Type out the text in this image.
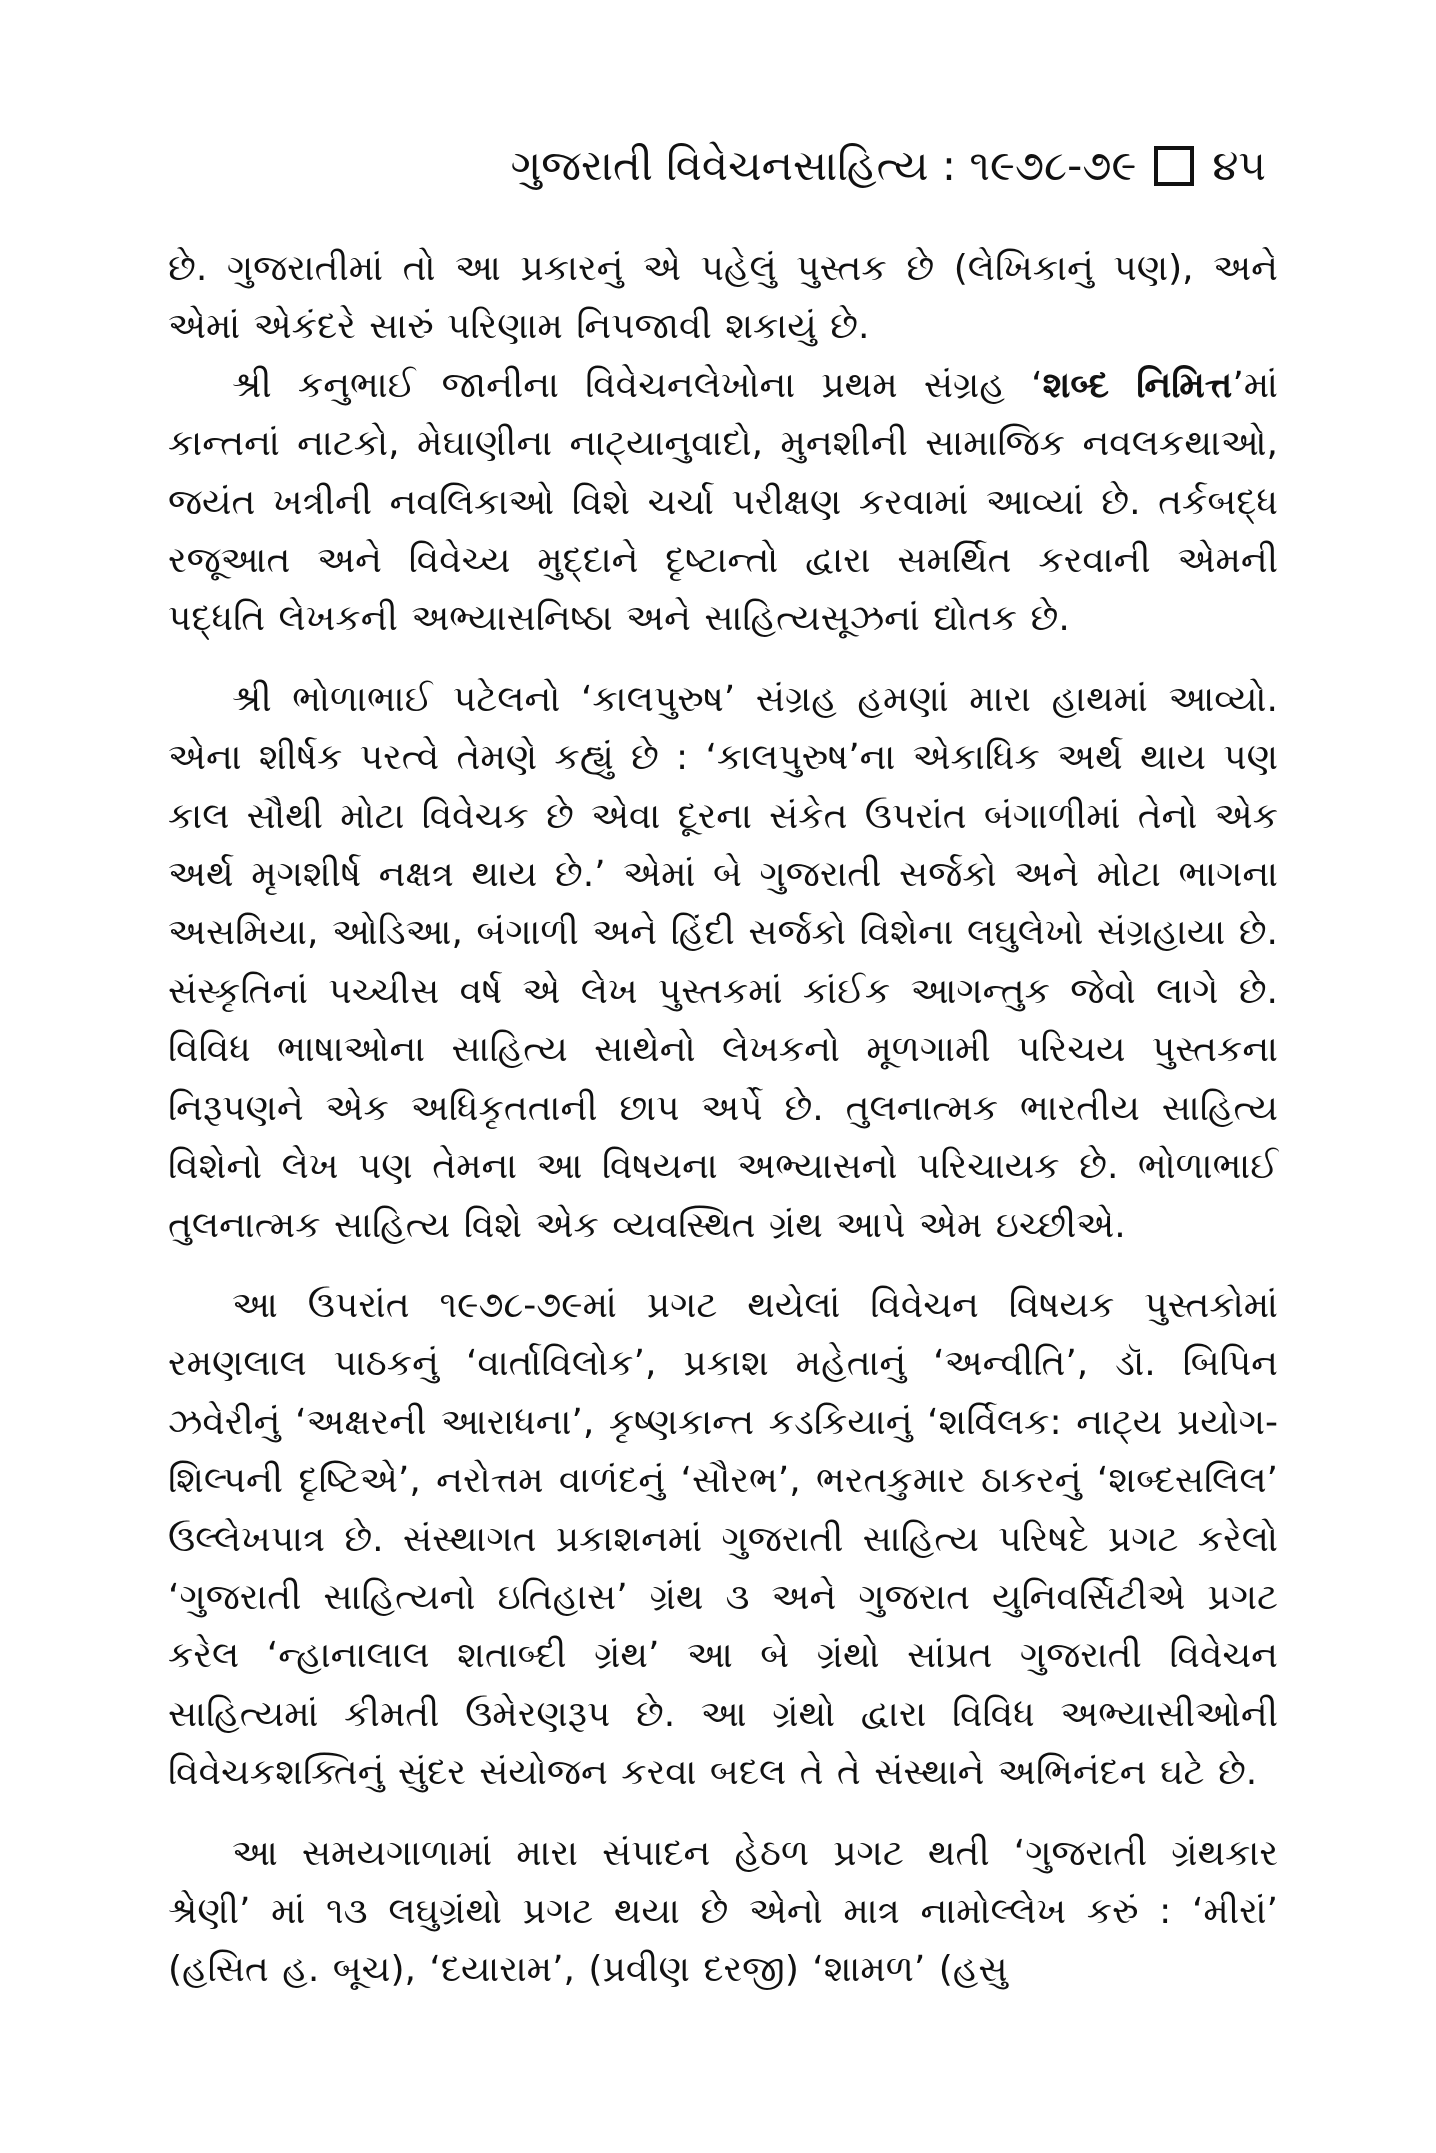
ગુજરાતી વિવેચનસાહિત્ય : ૧૯૭૮-૭૯ ૪૫

છે. ગુજરાતીમાં તો આ પ્રકારનું એ પહેલું પુસ્તક છે (લેખિકાનું પણ), અને એમાં એકંદરે સારું પરિણામ નિપજાવી શકાયું છે.

શ્રી કનુભાઈ જાનીના વિવેચનલેખોના પ્રથમ સંગ્રહ ‘શબ્દ નિમિત્ત’માં કાન્તનાં નાટકો, મેઘાણીના નાટ્યાનુવાદો, મુનશીની સામાજિક નવલકથાઓ, જયંત ખત્રીની નવલિકાઓ વિશે ચર્ચા પરીક્ષણ કરવામાં આવ્યાં છે. તર્કબદ્ધ રજૂઆત અને વિવેચ્ય મુદ્દાને દૃષ્ટાન્તો દ્વારા સમર્થિત કરવાની એમની પદ્ધતિ લેખકની અભ્યાસનિષ્ઠા અને સાહિત્યસૂઝનાં દ્યોતક છે.

શ્રી ભોળાભાઈ પટેલનો ‘કાલપુરુષ’ સંગ્રહ હમણાં મારા હાથમાં આવ્યો. એના શીર્ષક પરત્વે તેમણે કહ્યું છે : ‘કાલપુરુષ’ના એકાધિક અર્થ થાય પણ કાલ સૌથી મોટા વિવેચક છે એવા દૂરના સંકેત ઉપરાંત બંગાળીમાં તેનો એક અર્થ મૃગશીર્ષ નક્ષત્ર થાય છે.’ એમાં બે ગુજરાતી સર્જકો અને મોટા ભાગના અસમિયા, ઓડિઆ, બંગાળી અને હિંદી સર્જકો વિશેના લઘુલેખો સંગ્રહાયા છે. સંસ્કૃતિનાં પચ્ચીસ વર્ષ એ લેખ પુસ્તકમાં કાંઈક આગન્તુક જેવો લાગે છે. વિવિધ ભાષાઓના સાહિત્ય સાથેનો લેખકનો મૂળગામી પરિચય પુસ્તકના નિરૂપણને એક અધિકૃતતાની છાપ અર્પે છે. તુલનાત્મક ભારતીય સાહિત્ય વિશેનો લેખ પણ તેમના આ વિષયના અભ્યાસનો પરિચાયક છે. ભોળાભાઈ તુલનાત્મક સાહિત્ય વિશે એક વ્યવસ્થિત ગ્રંથ આપે એમ ઇચ્છીએ.

આ ઉપરાંત ૧૯૭૮-૭૯માં પ્રગટ થયેલાં વિવેચન વિષયક પુસ્તકોમાં રમણલાલ પાઠકનું ‘વાર્તાવિલોક’, પ્રકાશ મહેતાનું ‘અન્વીતિ’, ડૉ. બિપિન ઝવેરીનું ‘અક્ષરની આરાધના’, કૃષ્ણકાન્ત કડકિયાનું ‘શર્વિલક: નાટ્ય પ્રયોગ-શિલ્પની દૃષ્ટિએ’, નરોત્તમ વાળંદનું ‘સૌરભ’, ભરતકુમાર ઠાકરનું ‘શબ્દસલિલ’ ઉલ્લેખપાત્ર છે. સંસ્થાગત પ્રકાશનમાં ગુજરાતી સાહિત્ય પરિષદે પ્રગટ કરેલો ‘ગુજરાતી સાહિત્યનો ઇતિહાસ’ ગ્રંથ ૩ અને ગુજરાત યુનિવર્સિટીએ પ્રગટ કરેલ ‘ન્હાનાલાલ શતાબ્દી ગ્રંથ’ આ બે ગ્રંથો સાંપ્રત ગુજરાતી વિવેચન સાહિત્યમાં કીમતી ઉમેરણરૂપ છે. આ ગ્રંથો દ્વારા વિવિધ અભ્યાસીઓની વિવેચકશક્તિનું સુંદર સંયોજન કરવા બદલ તે તે સંસ્થાને અભિનંદન ઘટે છે.

આ સમયગાળામાં મારા સંપાદન હેઠળ પ્રગટ થતી ‘ગુજરાતી ગ્રંથકાર શ્રેણી’ માં ૧૩ લઘુગ્રંથો પ્રગટ થયા છે એનો માત્ર નામોલ્લેખ કરું : ‘મીરાં’ (હસિત હ. બૂચ), ‘દયારામ’, (પ્રવીણ દરજી) ‘શામળ’ (હસુ
